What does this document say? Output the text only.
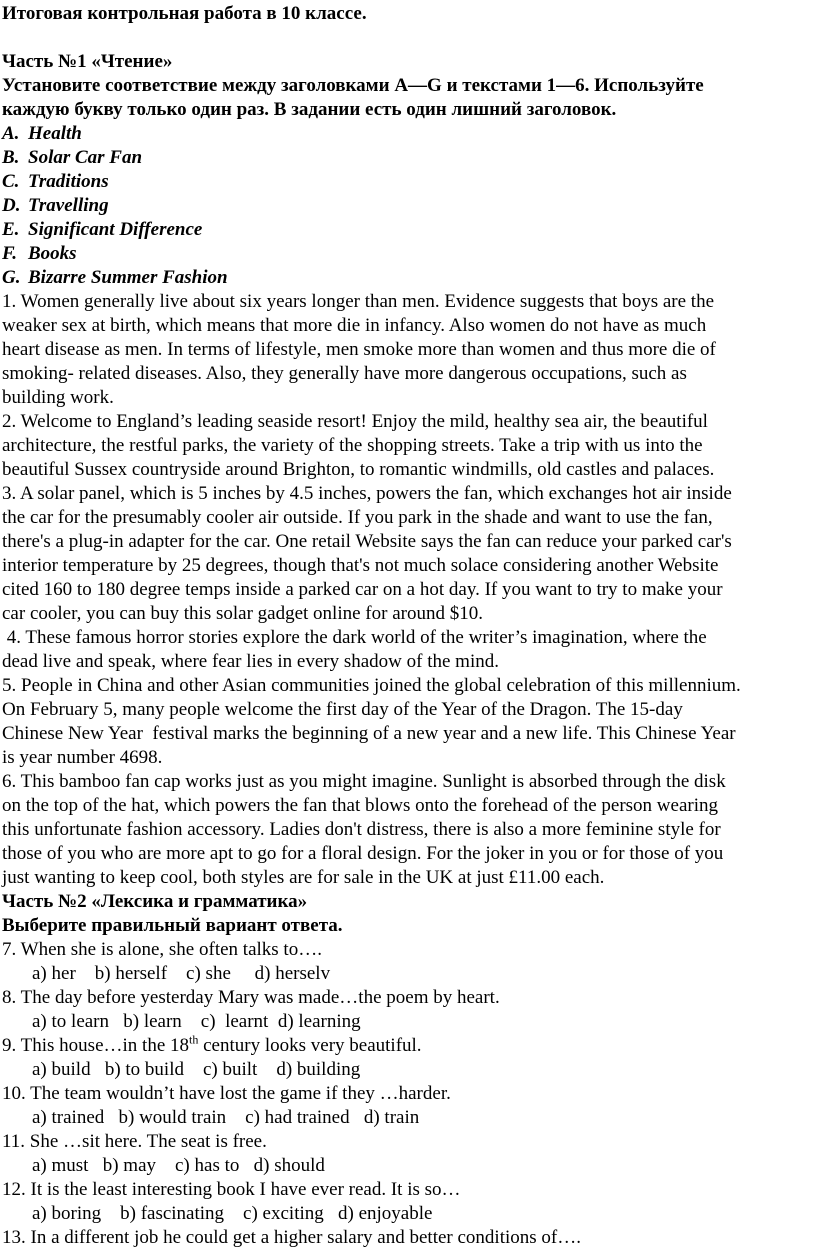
Итоговая контрольная работа в 10 классе.
Часть №1 «Чтение»
Установите соответствие между заголовками A—G и текстами 1—6. Используйте
каждую букву только один раз. В задании есть один лишний заголовок.
A. Health
B. Solar Car Fan
C. Traditions
D. Travelling
E. Significant Difference
F. Books
G. Bizarre Summer Fashion
1. Women generally live about six years longer than men. Evidence suggests that boys are the
weaker sex at birth, which means that more die in infancy. Also women do not have as much
heart disease as men. In terms of lifestyle, men smoke more than women and thus more die of
smoking- related diseases. Also, they generally have more dangerous occupations, such as
building work.
2. Welcome to England’s leading seaside resort! Enjoy the mild, healthy sea air, the beautiful
architecture, the restful parks, the variety of the shopping streets. Take a trip with us into the
beautiful Sussex countryside around Brighton, to romantic windmills, old castles and palaces.
3. A solar panel, which is 5 inches by 4.5 inches, powers the fan, which exchanges hot air inside
the car for the presumably cooler air outside. If you park in the shade and want to use the fan,
there's a plug-in adapter for the car. One retail Website says the fan can reduce your parked car's
interior temperature by 25 degrees, though that's not much solace considering another Website
cited 160 to 180 degree temps inside a parked car on a hot day. If you want to try to make your
car cooler, you can buy this solar gadget online for around $10.
4. These famous horror stories explore the dark world of the writer’s imagination, where the
dead live and speak, where fear lies in every shadow of the mind.
5. People in China and other Asian communities joined the global celebration of this millennium.
On February 5, many people welcome the first day of the Year of the Dragon. The 15-day
Chinese New Year  festival marks the beginning of a new year and a new life. This Chinese Year
is year number 4698.
6. This bamboo fan cap works just as you might imagine. Sunlight is absorbed through the disk
on the top of the hat, which powers the fan that blows onto the forehead of the person wearing
this unfortunate fashion accessory. Ladies don't distress, there is also a more feminine style for
those of you who are more apt to go for a floral design. For the joker in you or for those of you
just wanting to keep cool, both styles are for sale in the UK at just £11.00 each.
Часть №2 «Лексика и грамматика»
Выберите правильный вариант ответа.
7. When she is alone, she often talks to….
a) her    b) herself    c) she     d) herselv
8. The day before yesterday Mary was made…the poem by heart.
a) to learn   b) learn    c)  learnt  d) learning
9. This house…in the 18th century looks very beautiful.
a) build   b) to build    c) built    d) building
10. The team wouldn’t have lost the game if they …harder.
a) trained   b) would train    c) had trained   d) train
11. She …sit here. The seat is free.
a) must   b) may    c) has to   d) should
12. It is the least interesting book I have ever read. It is so…
a) boring    b) fascinating    c) exciting   d) enjoyable
13. In a different job he could get a higher salary and better conditions of….
